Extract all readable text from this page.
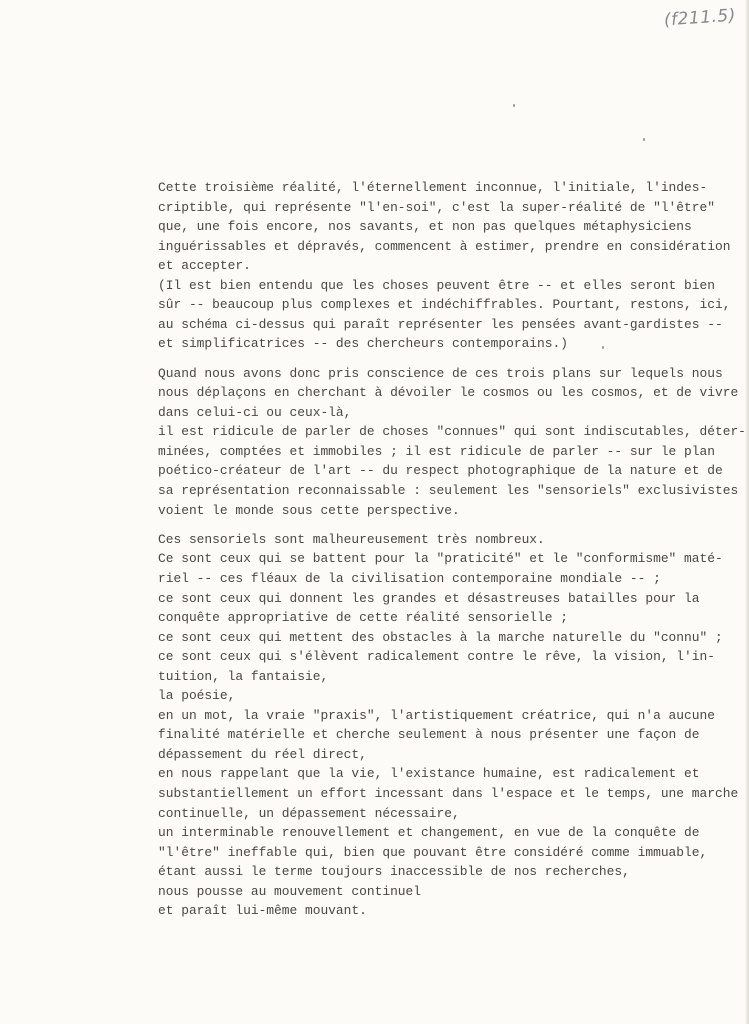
(f211.5)
Cette troisième réalité, l'éternellement inconnue, l'initiale, l'indes-
criptible, qui représente "l'en-soi", c'est la super-réalité de "l'être"
que, une fois encore, nos savants, et non pas quelques métaphysiciens
inguérissables et dépravés, commencent à estimer, prendre en considération
et accepter.
(Il est bien entendu que les choses peuvent être -- et elles seront bien
sûr -- beaucoup plus complexes et indéchiffrables. Pourtant, restons, ici,
au schéma ci-dessus qui paraît représenter les pensées avant-gardistes --
et simplificatrices -- des chercheurs contemporains.)
Quand nous avons donc pris conscience de ces trois plans sur lequels nous
nous déplaçons en cherchant à dévoiler le cosmos ou les cosmos, et de vivre
dans celui-ci ou ceux-là,
il est ridicule de parler de choses "connues" qui sont indiscutables, déter-
minées, comptées et immobiles ; il est ridicule de parler -- sur le plan
poético-créateur de l'art -- du respect photographique de la nature et de
sa représentation reconnaissable : seulement les "sensoriels" exclusivistes
voient le monde sous cette perspective.
Ces sensoriels sont malheureusement très nombreux.
Ce sont ceux qui se battent pour la "praticité" et le "conformisme" maté-
riel -- ces fléaux de la civilisation contemporaine mondiale -- ;
ce sont ceux qui donnent les grandes et désastreuses batailles pour la
conquête appropriative de cette réalité sensorielle ;
ce sont ceux qui mettent des obstacles à la marche naturelle du "connu" ;
ce sont ceux qui s'élèvent radicalement contre le rêve, la vision, l'in-
tuition, la fantaisie,
la poésie,
en un mot, la vraie "praxis", l'artistiquement créatrice, qui n'a aucune
finalité matérielle et cherche seulement à nous présenter une façon de
dépassement du réel direct,
en nous rappelant que la vie, l'existance humaine, est radicalement et
substantiellement un effort incessant dans l'espace et le temps, une marche
continuelle, un dépassement nécessaire,
un interminable renouvellement et changement, en vue de la conquête de
"l'être" ineffable qui, bien que pouvant être considéré comme immuable,
étant aussi le terme toujours inaccessible de nos recherches,
nous pousse au mouvement continuel
et paraît lui-même mouvant.
